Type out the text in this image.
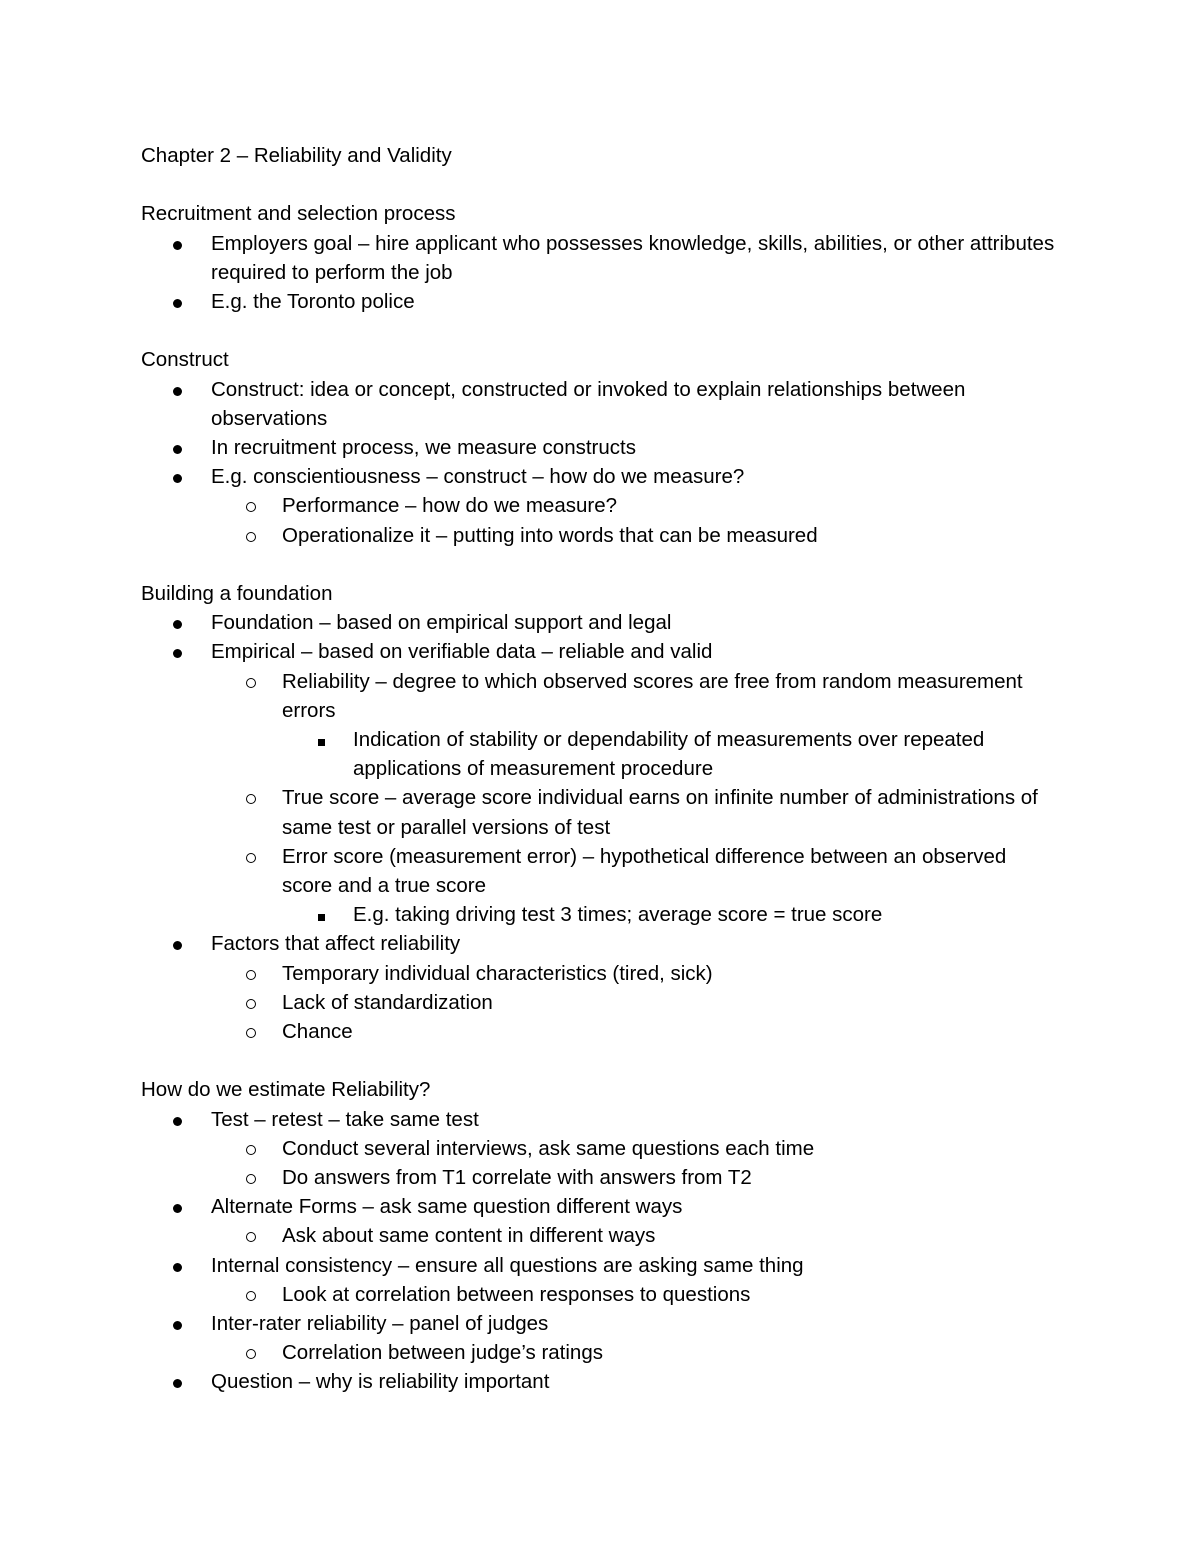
Chapter 2 – Reliability and Validity

Recruitment and selection process

Employers goal – hire applicant who possesses knowledge, skills, abilities, or other attributes required to perform the job
E.g. the Toronto police

Construct

Construct: idea or concept, constructed or invoked to explain relationships between observations
In recruitment process, we measure constructs
E.g. conscientiousness – construct – how do we measure?
Performance – how do we measure?
Operationalize it – putting into words that can be measured

Building a foundation

Foundation – based on empirical support and legal
Empirical – based on verifiable data – reliable and valid
Reliability – degree to which observed scores are free from random measurement errors
Indication of stability or dependability of measurements over repeated applications of measurement procedure
True score – average score individual earns on infinite number of administrations of same test or parallel versions of test
Error score (measurement error) – hypothetical difference between an observed score and a true score
E.g. taking driving test 3 times; average score = true score
Factors that affect reliability
Temporary individual characteristics (tired, sick)
Lack of standardization
Chance

How do we estimate Reliability?

Test – retest – take same test
Conduct several interviews, ask same questions each time
Do answers from T1 correlate with answers from T2
Alternate Forms – ask same question different ways
Ask about same content in different ways
Internal consistency – ensure all questions are asking same thing
Look at correlation between responses to questions
Inter-rater reliability – panel of judges
Correlation between judge’s ratings
Question – why is reliability important
